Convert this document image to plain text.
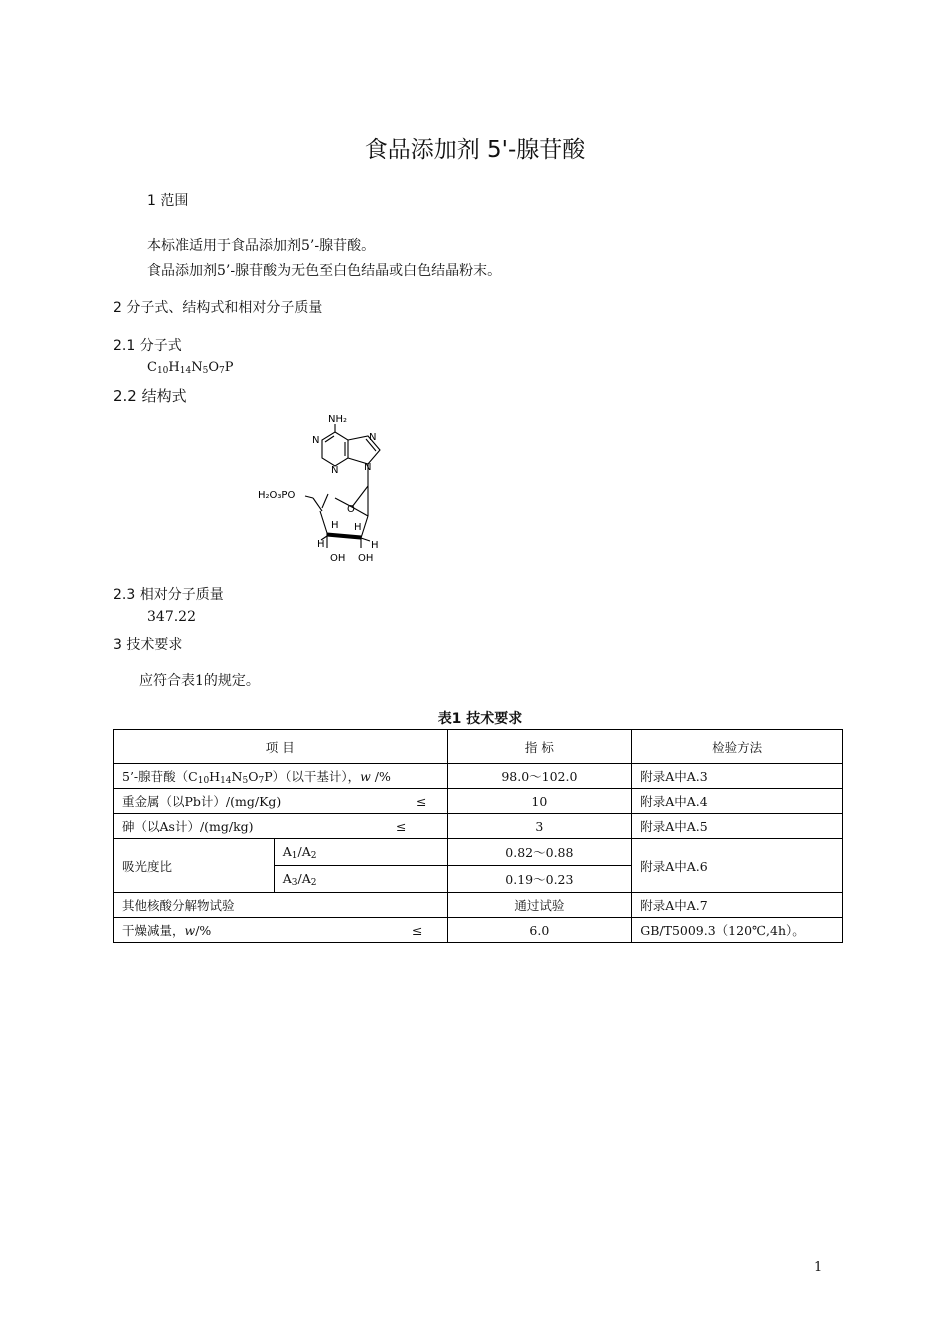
食品添加剂 5'-腺苷酸
1 范围
本标准适用于食品添加剂5’-腺苷酸。
食品添加剂5’-腺苷酸为无色至白色结晶或白色结晶粉末。
2 分子式、结构式和相对分子质量
2.1 分子式
$C_{10}H_{14}N_5O_7P$
2.2 结构式
NH₂
N
N
N
N
H₂O₃PO
O
H H
H	H
OH OH
2.3 相对分子质量
347.22
3 技术要求
应符合表1的规定。
表1 技术要求
项 目		指 标	检验方法
5’-腺苷酸$(C_{10}H_{14}N_5O_7P)$（以干基计），w /%		98.0～102.0	附录A中A.3

重金属（以Pb计）/(mg/Kg) ≤		10	附录A中A.4

砷（以As计）/(mg/kg) ≤		3	附录A中A.5
吸光度比	$A_1/A_2$	0.82～0.88	附录A中A.6
	$A_3/A_2$	0.19～0.23	
其他核酸分解物试验		通过试验	附录A中A.7

干燥减量，w/% ≤		6.0	GB/T5009.3（120℃,4h）。
1
